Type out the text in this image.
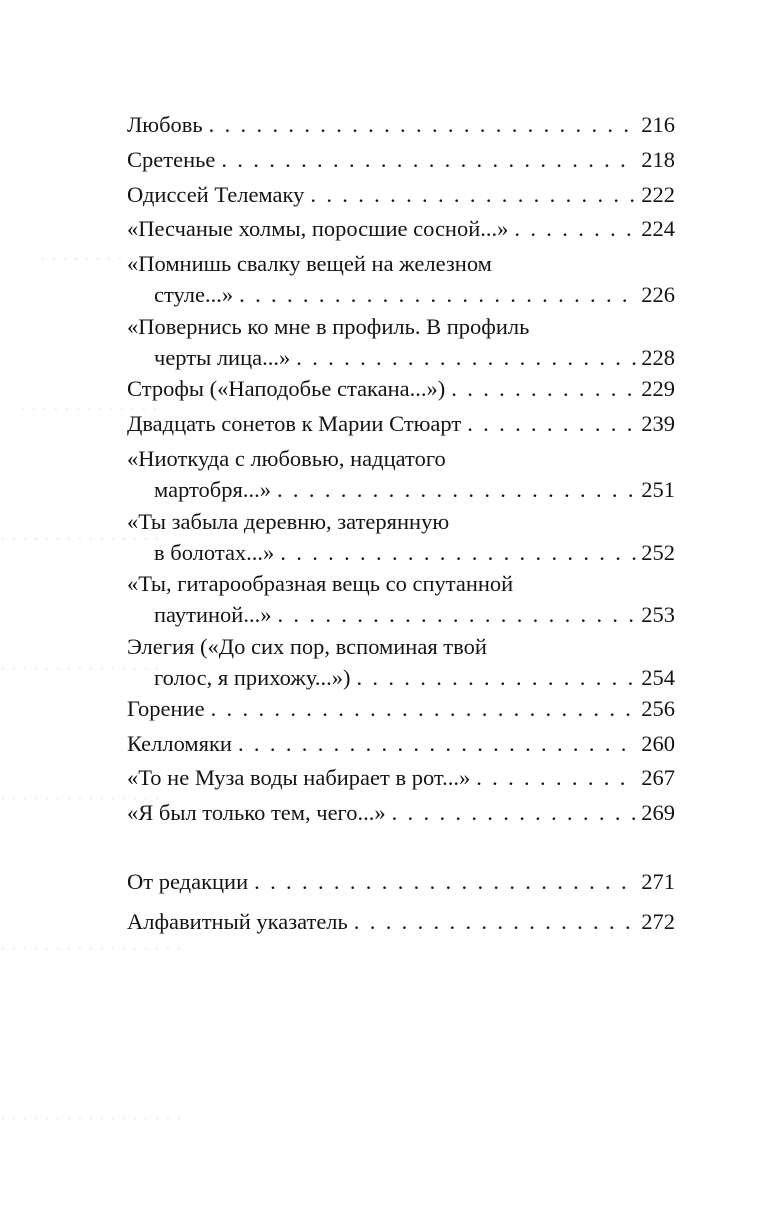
. . . . . . . . . . .
. . . . . . . . . . . . .
. . . . . . . . . . . . . . .
. . . . . . . . . . . . . . .
. . . . . . . . . . . . . . .
. . . . . . . . . . . . . . . . .
. . . . . . . . . . . . . . . . .
Любовь . . .	216
Сретенье . . .	218
Одиссей Телемаку . . .	222
«Песчаные холмы, поросшие сосной...» . . .	224
«Помнишь свалку вещей на железном
стуле...» . . .	226
«Повернись ко мне в профиль. В профиль
черты лица...» . . .	228
Строфы («Наподобье стакана...») . . .	229
Двадцать сонетов к Марии Стюарт . . .	239
«Ниоткуда с любовью, надцатого
мартобря...» . . .	251
«Ты забыла деревню, затерянную
в болотах...» . . .	252
«Ты, гитарообразная вещь со спутанной
паутиной...» . . .	253
Элегия («До сих пор, вспоминая твой
голос, я прихожу...») . . .	254
Горение . . .	256
Келломяки . . .	260
«То не Муза воды набирает в рот...» . . .	267
«Я был только тем, чего...» . . .	269
От редакции . . .	271
Алфавитный указатель . . .	272
